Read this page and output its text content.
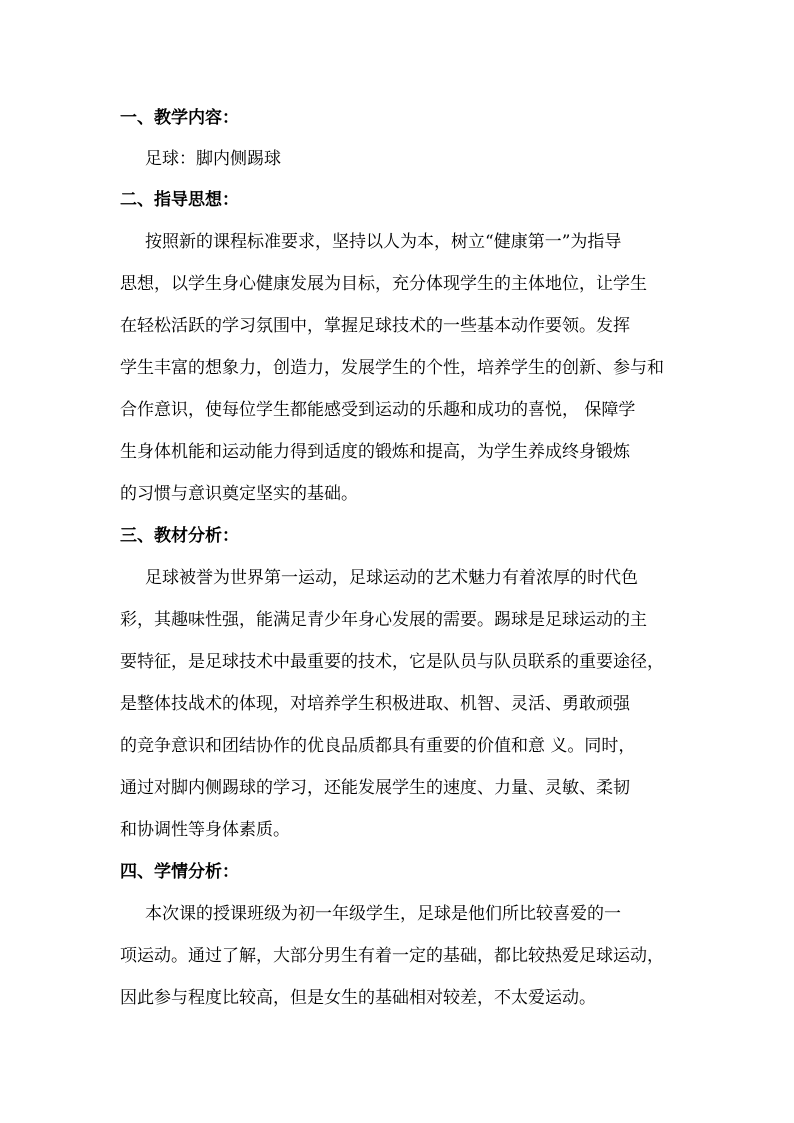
一、教学内容：
足球：脚内侧踢球
二、指导思想：
按照新的课程标准要求，坚持以人为本，树立“健康第一”为指导
思想，以学生身心健康发展为目标，充分体现学生的主体地位，让学生
在轻松活跃的学习氛围中，掌握足球技术的一些基本动作要领。发挥
学生丰富的想象力，创造力，发展学生的个性，培养学生的创新、参与和
合作意识，使每位学生都能感受到运动的乐趣和成功的喜悦， 保障学
生身体机能和运动能力得到适度的锻炼和提高，为学生养成终身锻炼
的习惯与意识奠定坚实的基础。
三、教材分析：
足球被誉为世界第一运动，足球运动的艺术魅力有着浓厚的时代色
彩，其趣味性强，能满足青少年身心发展的需要。踢球是足球运动的主
要特征，是足球技术中最重要的技术，它是队员与队员联系的重要途径，
是整体技战术的体现，对培养学生积极进取、机智、灵活、勇敢顽强
的竞争意识和团结协作的优良品质都具有重要的价值和意 义。同时，
通过对脚内侧踢球的学习，还能发展学生的速度、力量、灵敏、柔韧
和协调性等身体素质。
四、学情分析：
本次课的授课班级为初一年级学生，足球是他们所比较喜爱的一
项运动。通过了解，大部分男生有着一定的基础，都比较热爱足球运动，
因此参与程度比较高，但是女生的基础相对较差，不太爱运动。
